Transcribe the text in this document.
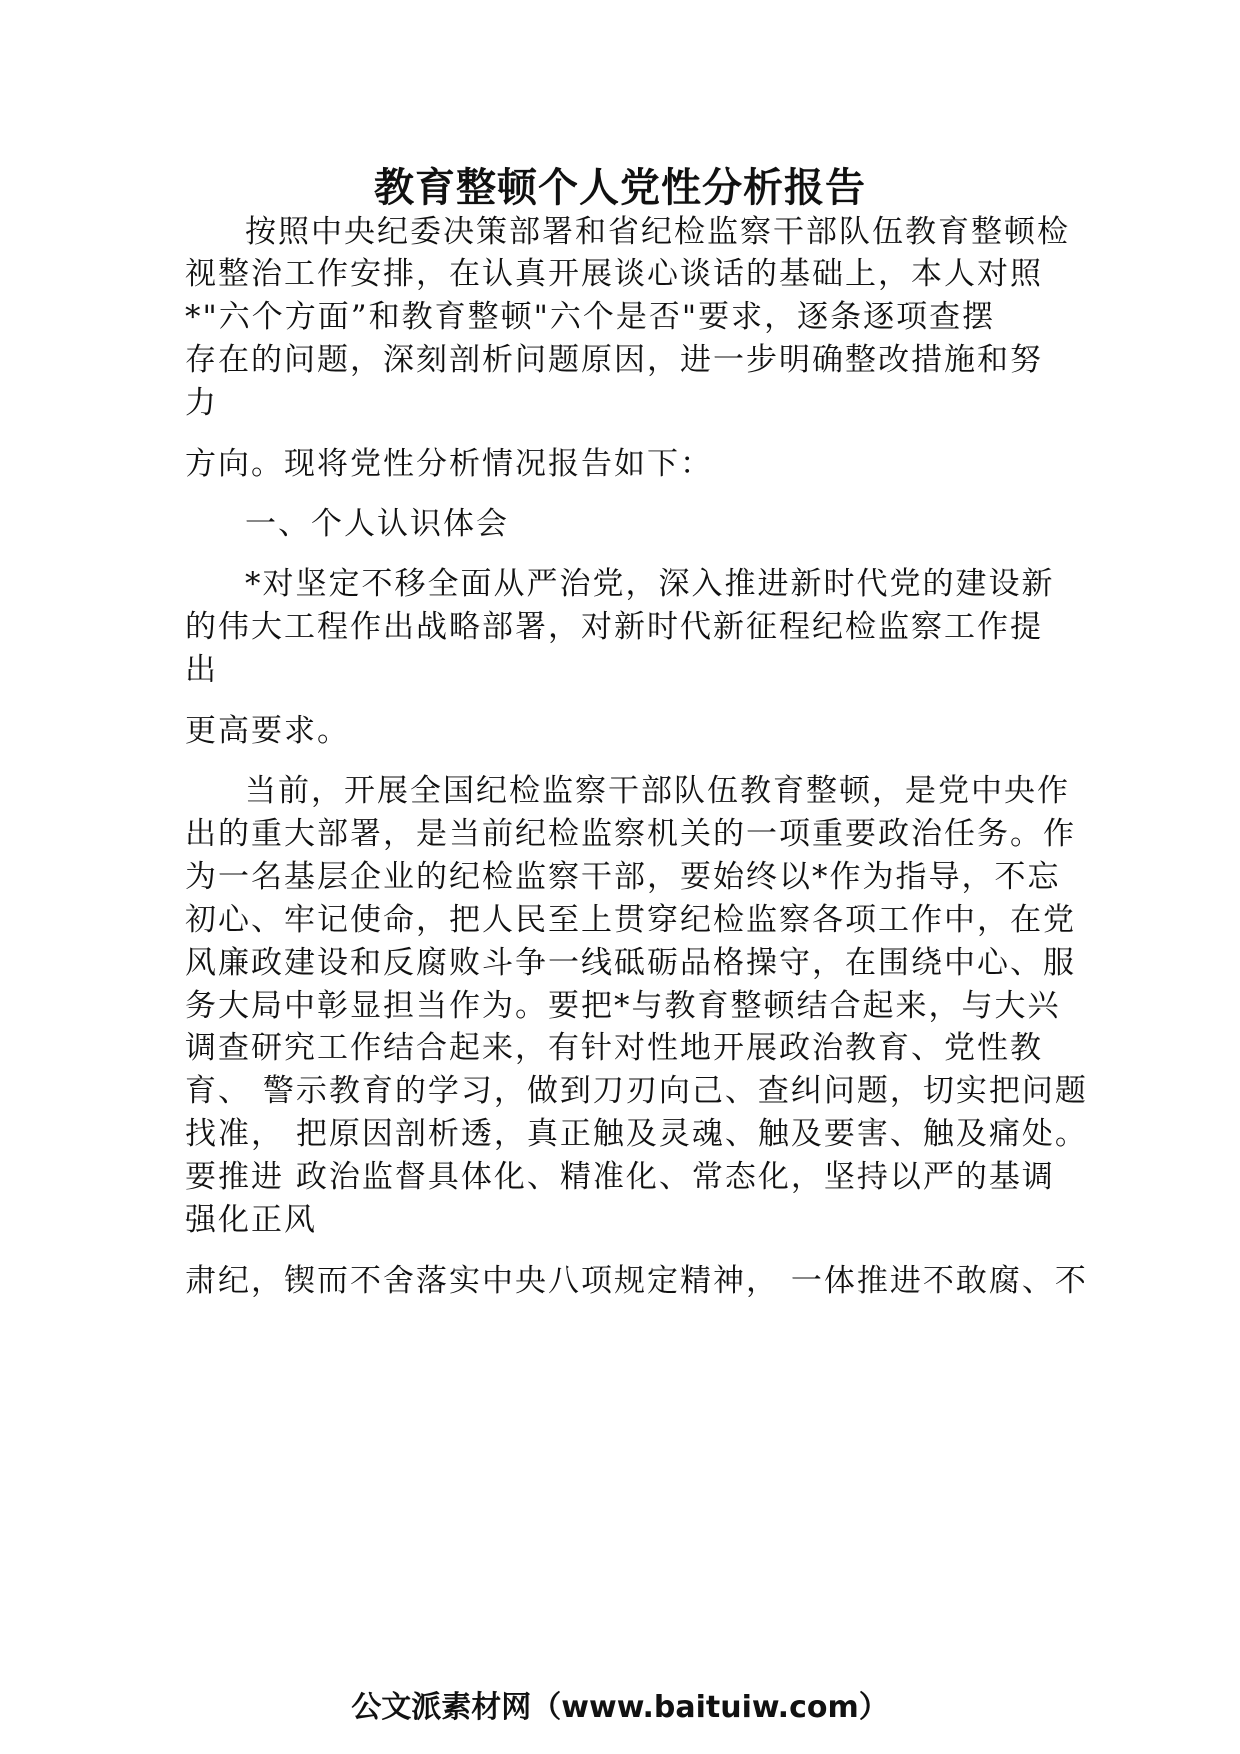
教育整顿个人党性分析报告
按照中央纪委决策部署和省纪检监察干部队伍教育整顿检
视整治工作安排，在认真开展谈心谈话的基础上，本人对照
*"六个方面”和教育整顿"六个是否"要求，逐条逐项查摆
存在的问题，深刻剖析问题原因，进一步明确整改措施和努
力
方向。现将党性分析情况报告如下：
一、个人认识体会
*对坚定不移全面从严治党，深入推进新时代党的建设新
的伟大工程作出战略部署，对新时代新征程纪检监察工作提
出
更高要求。
当前，开展全国纪检监察干部队伍教育整顿，是党中央作
出的重大部署，是当前纪检监察机关的一项重要政治任务。作
为一名基层企业的纪检监察干部，要始终以*作为指导，不忘
初心、牢记使命，把人民至上贯穿纪检监察各项工作中，在党
风廉政建设和反腐败斗争一线砥砺品格操守，在围绕中心、服
务大局中彰显担当作为。要把*与教育整顿结合起来，与大兴
调查研究工作结合起来，有针对性地开展政治教育、党性教
育、 警示教育的学习，做到刀刃向己、查纠问题，切实把问题
找准， 把原因剖析透，真正触及灵魂、触及要害、触及痛处。
要推进 政治监督具体化、精准化、常态化，坚持以严的基调
强化正风
肃纪，锲而不舍落实中央八项规定精神， 一体推进不敢腐、不
公文派素材网（www.baituiw.com）
